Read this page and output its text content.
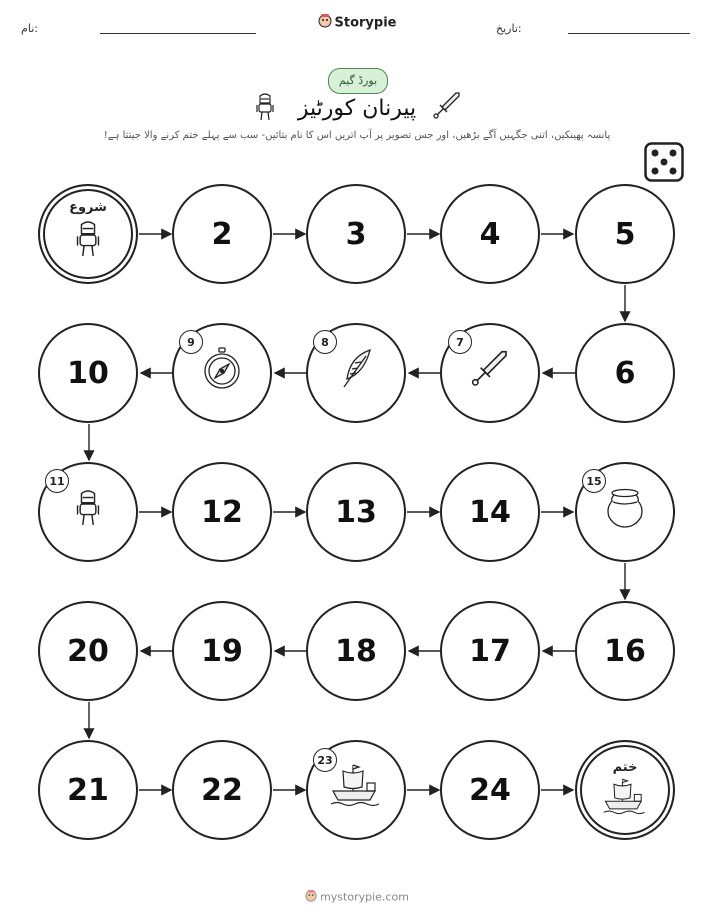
نام:	Storypie	تاریخ:
بورڈ گیم
پیرنان کورٹیز
پانسہ پھینکیں، اتنی جگہیں آگے بڑھیں، اور جس تصویر پر آپ اتریں اس کا نام بتائیں- سب سے پہلے ختم کرنے والا جیتتا ہے!
شروع
2	3	4	5
10
9	8	7
6
11
12	13	14
15
20	19	18	17	16
21	22
23
24
ختم
mystorypie.com
